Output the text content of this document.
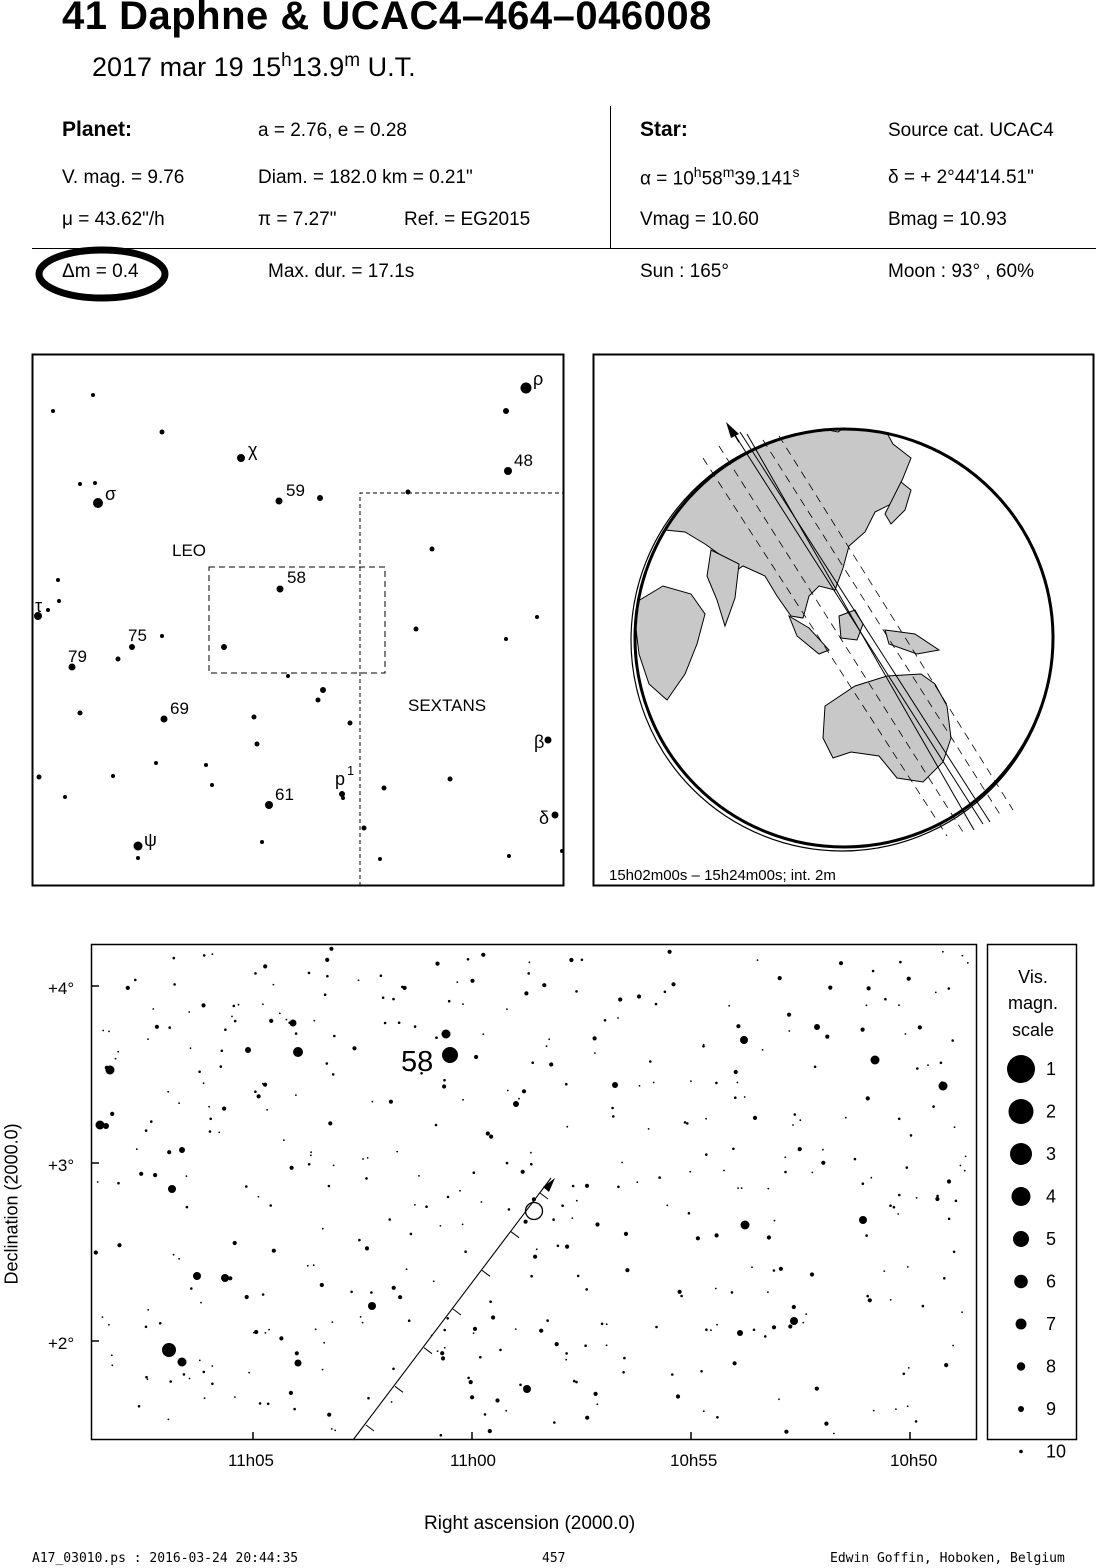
41 Daphne & UCAC4–464–046008
2017 mar 19 15$^h$13.9$^m$ U.T.
Planet:	a = 2.76, e = 0.28
V. mag. = 9.76	Diam. = 182.0 km = 0.21"
μ = 43.62"/h	π = 7.27"	Ref. = EG2015
Star:	Source cat. UCAC4
$\alpha = 10^h58^m39.141^s$	δ = + 2°44'14.51"
Vmag = 10.60	Bmag = 10.93
Δm = 0.4	Max. dur. = 17.1s	Sun : 165°	Moon : 93° , 60%
LEO
SEXTANS
ρ
48
χ
σ	59
58
τ
75
79
69
β
p 1
61
δ
ψ
15h02m00s – 15h24m00s; int. 2m
58
+4°
+3°
+2°
11h05	11h00	10h55	10h50
Right ascension (2000.0)
Declination (2000.0)
Vis.
magn.
scale
1
2
3
4
5
6
7
8
9
10
A17_03010.ps : 2016-03-24 20:44:35	457	Edwin Goffin, Hoboken, Belgium
